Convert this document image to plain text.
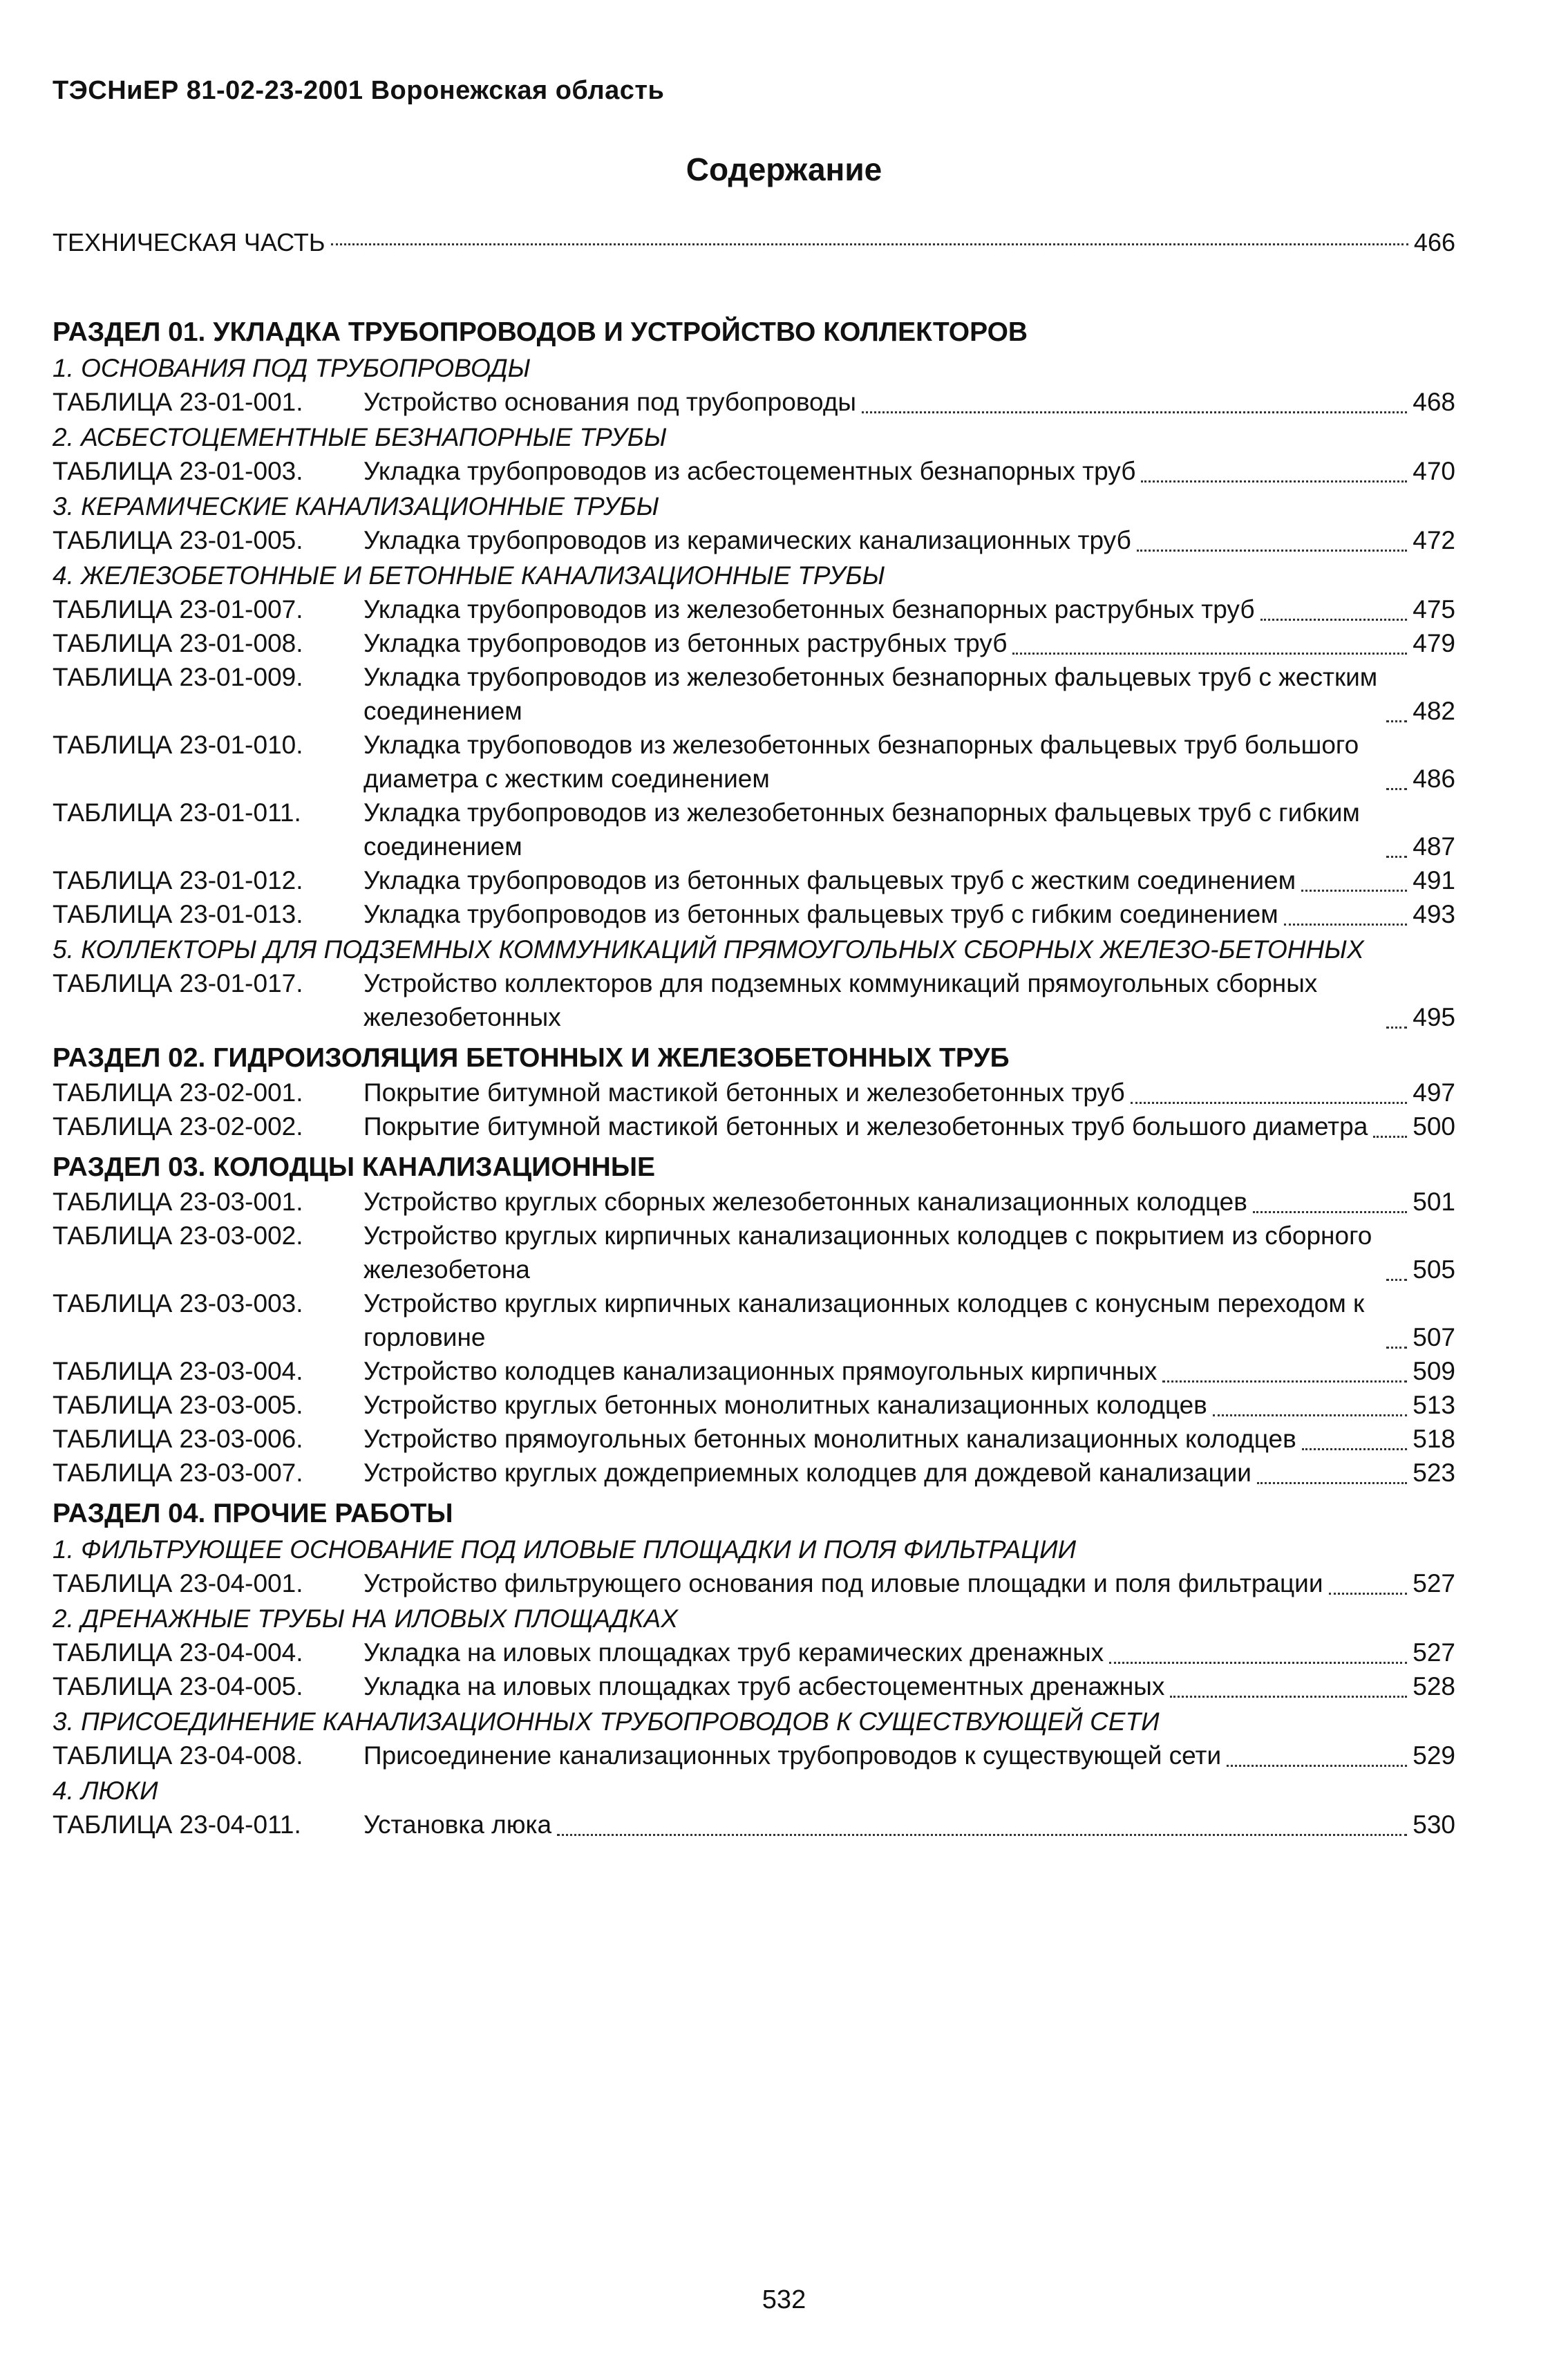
ТЭСНиЕР 81-02-23-2001 Воронежская область
Содержание
ТЕХНИЧЕСКАЯ ЧАСТЬ	466
РАЗДЕЛ 01. УКЛАДКА ТРУБОПРОВОДОВ И УСТРОЙСТВО КОЛЛЕКТОРОВ
1. ОСНОВАНИЯ ПОД ТРУБОПРОВОДЫ
ТАБЛИЦА 23-01-001.	Устройство основания под трубопроводы	468
2. АСБЕСТОЦЕМЕНТНЫЕ БЕЗНАПОРНЫЕ ТРУБЫ
ТАБЛИЦА 23-01-003.	Укладка трубопроводов из асбестоцементных безнапорных труб	470
3. КЕРАМИЧЕСКИЕ КАНАЛИЗАЦИОННЫЕ ТРУБЫ
ТАБЛИЦА 23-01-005.	Укладка трубопроводов из керамических канализационных труб	472
4. ЖЕЛЕЗОБЕТОННЫЕ И БЕТОННЫЕ КАНАЛИЗАЦИОННЫЕ ТРУБЫ
ТАБЛИЦА 23-01-007.	Укладка трубопроводов из железобетонных безнапорных раструбных труб	475
ТАБЛИЦА 23-01-008.	Укладка трубопроводов из бетонных раструбных труб	479
ТАБЛИЦА 23-01-009.	Укладка трубопроводов из железобетонных безнапорных фальцевых труб с жестким соединением	482
ТАБЛИЦА 23-01-010.	Укладка трубоповодов из железобетонных безнапорных фальцевых труб большого диаметра с жестким соединением	486
ТАБЛИЦА 23-01-011.	Укладка трубопроводов из железобетонных безнапорных фальцевых труб с гибким соединением	487
ТАБЛИЦА 23-01-012.	Укладка трубопроводов из бетонных фальцевых труб с жестким соединением	491
ТАБЛИЦА 23-01-013.	Укладка трубопроводов из бетонных фальцевых труб с гибким соединением	493
5. КОЛЛЕКТОРЫ ДЛЯ ПОДЗЕМНЫХ КОММУНИКАЦИЙ ПРЯМОУГОЛЬНЫХ СБОРНЫХ ЖЕЛЕЗО-БЕТОННЫХ
ТАБЛИЦА 23-01-017.	Устройство коллекторов для подземных коммуникаций прямоугольных сборных железобетонных	495
РАЗДЕЛ 02. ГИДРОИЗОЛЯЦИЯ БЕТОННЫХ И ЖЕЛЕЗОБЕТОННЫХ ТРУБ
ТАБЛИЦА 23-02-001.	Покрытие битумной мастикой бетонных и железобетонных труб	497
ТАБЛИЦА 23-02-002.	Покрытие битумной мастикой бетонных и железобетонных труб большого диаметра 500
РАЗДЕЛ 03. КОЛОДЦЫ КАНАЛИЗАЦИОННЫЕ
ТАБЛИЦА 23-03-001.	Устройство круглых сборных железобетонных канализационных колодцев	501
ТАБЛИЦА 23-03-002.	Устройство круглых кирпичных канализационных колодцев с покрытием из сборного железобетона	505
ТАБЛИЦА 23-03-003.	Устройство круглых кирпичных канализационных колодцев с конусным переходом к горловине	507
ТАБЛИЦА 23-03-004.	Устройство колодцев канализационных прямоугольных кирпичных	509
ТАБЛИЦА 23-03-005.	Устройство круглых бетонных монолитных канализационных колодцев	513
ТАБЛИЦА 23-03-006.	Устройство прямоугольных бетонных монолитных канализационных колодцев	518
ТАБЛИЦА 23-03-007.	Устройство круглых дождеприемных колодцев для дождевой канализации	523
РАЗДЕЛ 04. ПРОЧИЕ РАБОТЫ
1. ФИЛЬТРУЮЩЕЕ ОСНОВАНИЕ ПОД ИЛОВЫЕ ПЛОЩАДКИ И ПОЛЯ ФИЛЬТРАЦИИ
ТАБЛИЦА 23-04-001.	Устройство фильтрующего основания под иловые площадки и поля фильтрации	527
2. ДРЕНАЖНЫЕ ТРУБЫ НА ИЛОВЫХ ПЛОЩАДКАХ
ТАБЛИЦА 23-04-004.	Укладка на иловых площадках труб керамических дренажных	527
ТАБЛИЦА 23-04-005.	Укладка на иловых площадках труб асбестоцементных дренажных	528
3. ПРИСОЕДИНЕНИЕ КАНАЛИЗАЦИОННЫХ ТРУБОПРОВОДОВ К СУЩЕСТВУЮЩЕЙ СЕТИ
ТАБЛИЦА 23-04-008.	Присоединение канализационных трубопроводов к существующей сети	529
4. ЛЮКИ
ТАБЛИЦА 23-04-011.	Установка люка	530
532
